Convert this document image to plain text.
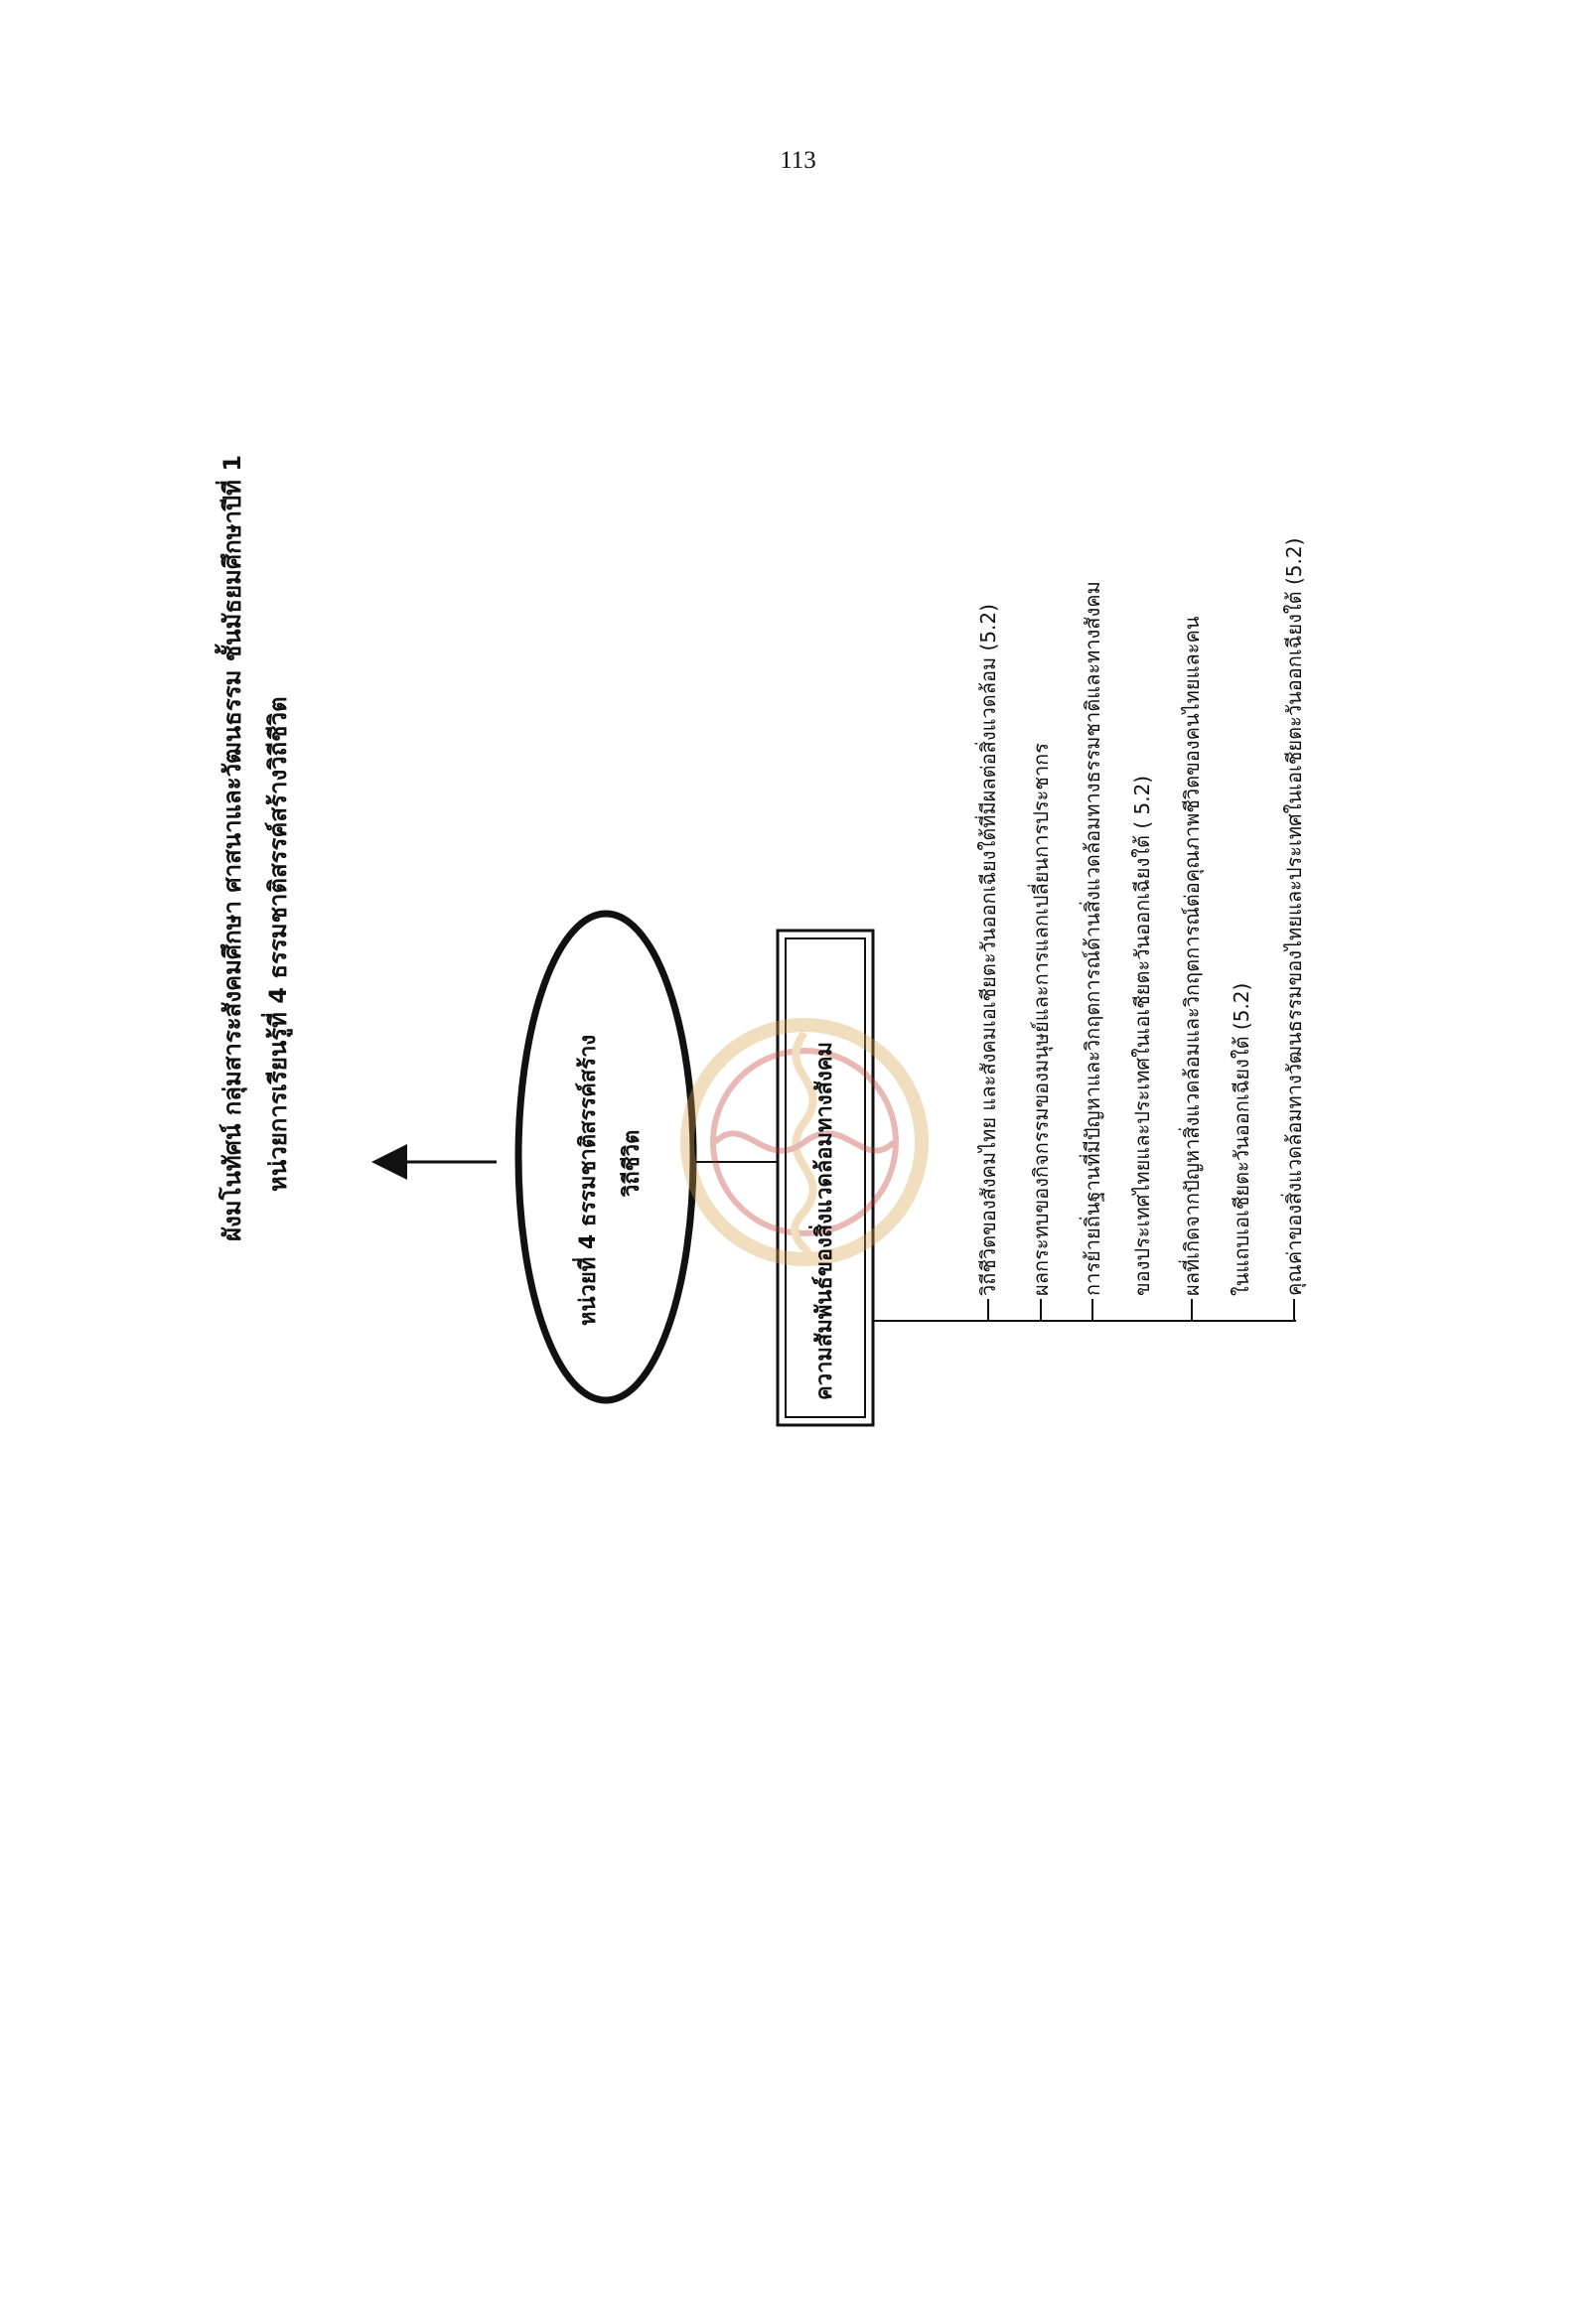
113
ผังมโนทัศน์ กลุ่มสาระสังคมศึกษา ศาสนาและวัฒนธรรม ชั้นมัธยมศึกษาปีที่ 1 หน่วยการเรียนรู้ที่ 4 ธรรมชาติสรรค์สร้างวิถีชีวิต	หน่วยที่ 4 ธรรมชาติสรรค์สร้าง วิถีชีวิต	ความสัมพันธ์ของสิ่งแวดล้อมทางสังคม	วิถีชีวิตของสังคมไทย และสังคมเอเชียตะวันออกเฉียงใต้ที่มีผลต่อสิ่งแวดล้อม (5.2) ผลกระทบของกิจกรรมของมนุษย์และการแลกเปลี่ยนการประชากร การย้ายถิ่นฐานที่มีปัญหาและวิกฤตการณ์ด้านสิ่งแวดล้อมทางธรรมชาติและทางสังคม ของประเทศไทยและประเทศในเอเชียตะวันออกเฉียงใต้ ( 5.2) ผลที่เกิดจากปัญหาสิ่งแวดล้อมและวิกฤตการณ์ต่อคุณภาพชีวิตของคนไทยและคน ในแถบเอเชียตะวันออกเฉียงใต้ (5.2) คุณค่าของสิ่งแวดล้อมทางวัฒนธรรมของไทยและประเทศในเอเชียตะวันออกเฉียงใต้ (5.2)
